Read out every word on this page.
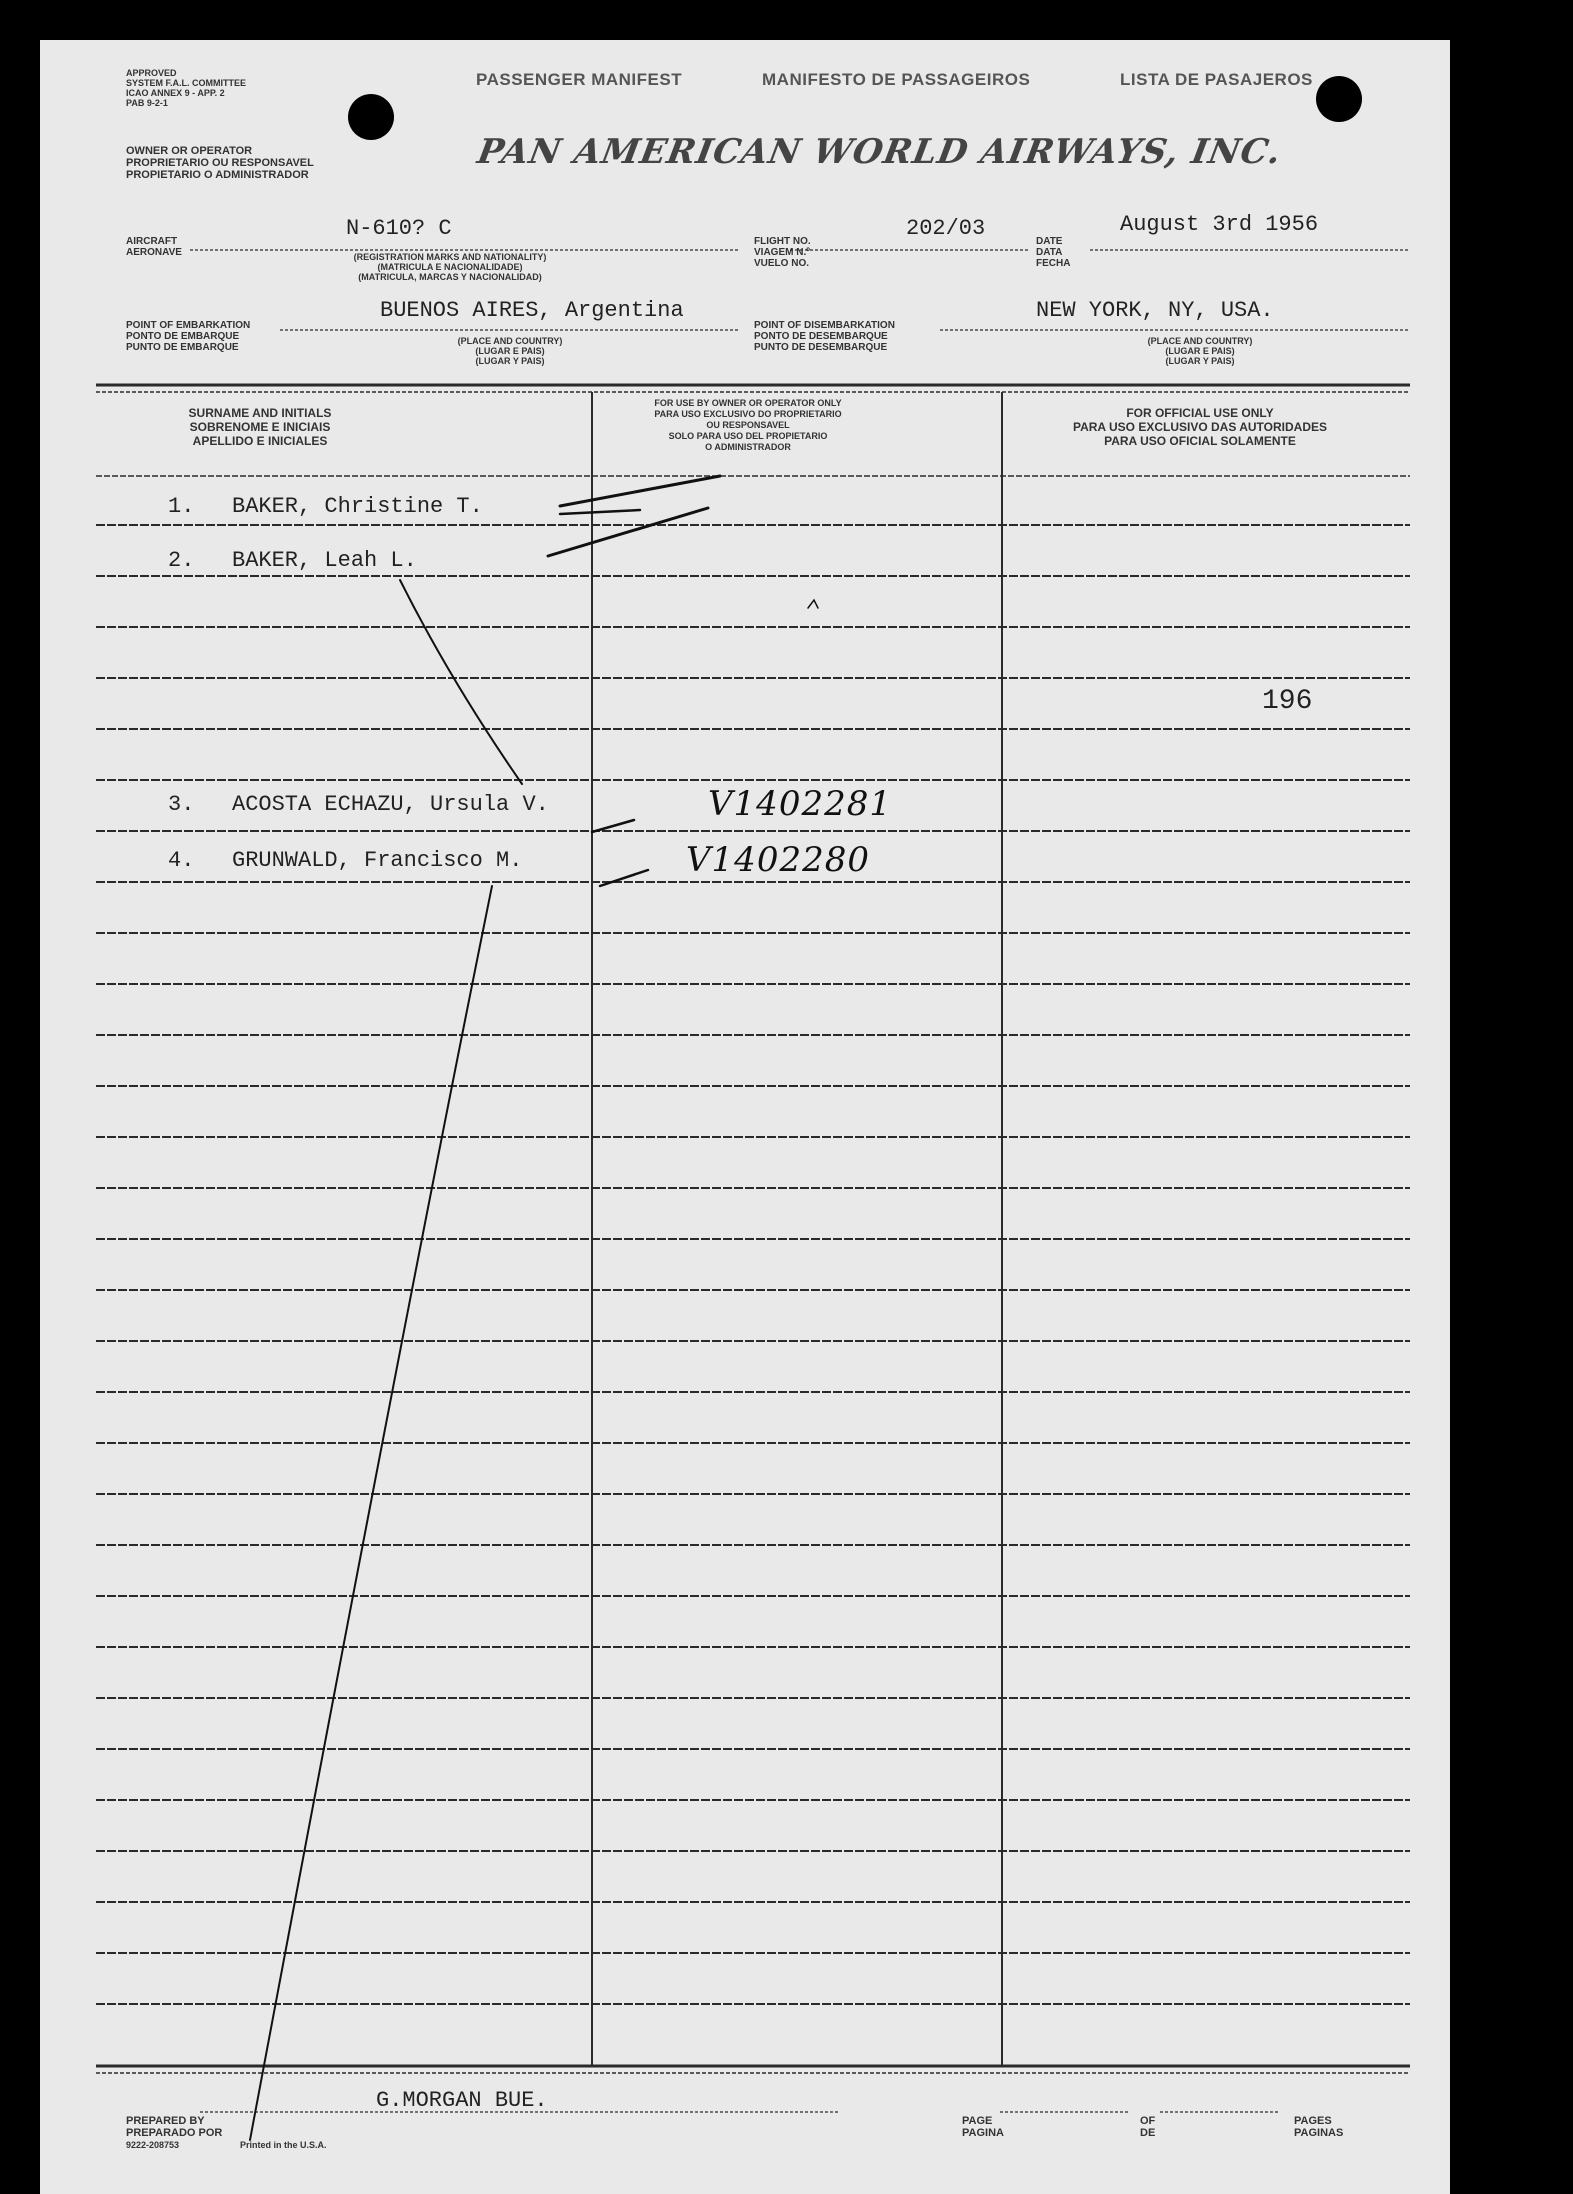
APPROVED
SYSTEM F.A.L. COMMITTEE
ICAO ANNEX 9 - APP. 2
PAB 9-2-1
PASSENGER MANIFEST	MANIFESTO DE PASSAGEIROS	LISTA DE PASAJEROS
OWNER OR OPERATOR
PROPRIETARIO OU RESPONSAVEL
PROPIETARIO O ADMINISTRADOR
PAN AMERICAN WORLD AIRWAYS, INC.
AIRCRAFT
AERONAVE
N-610? C
(REGISTRATION MARKS AND NATIONALITY)
(MATRICULA E NACIONALIDADE)
(MATRICULA, MARCAS Y NACIONALIDAD)
FLIGHT NO.
VIAGEM N.º
VUELO NO.
202/03
DATE
DATA
FECHA
August 3rd 1956
POINT OF EMBARKATION
PONTO DE EMBARQUE
PUNTO DE EMBARQUE
BUENOS AIRES, Argentina
(PLACE AND COUNTRY)
(LUGAR E PAIS)
(LUGAR Y PAIS)
POINT OF DISEMBARKATION
PONTO DE DESEMBARQUE
PUNTO DE DESEMBARQUE
NEW YORK, NY, USA.
(PLACE AND COUNTRY)
(LUGAR E PAIS)
(LUGAR Y PAIS)
SURNAME AND INITIALS
SOBRENOME E INICIAIS
APELLIDO E INICIALES
FOR USE BY OWNER OR OPERATOR ONLY
PARA USO EXCLUSIVO DO PROPRIETARIO
OU RESPONSAVEL
SOLO PARA USO DEL PROPIETARIO
O ADMINISTRADOR
FOR OFFICIAL USE ONLY
PARA USO EXCLUSIVO DAS AUTORIDADES
PARA USO OFICIAL SOLAMENTE
1. BAKER, Christine T.
2. BAKER, Leah L.
3. ACOSTA ECHAZU, Ursula V.	V1402281
4. GRUNWALD, Francisco M.	V1402280
196
PREPARED BY
PREPARADO POR
9222-208753	Printed in the U.S.A.
G.MORGAN BUE.
PAGE
PAGINA
OF
DE
PAGES
PAGINAS
